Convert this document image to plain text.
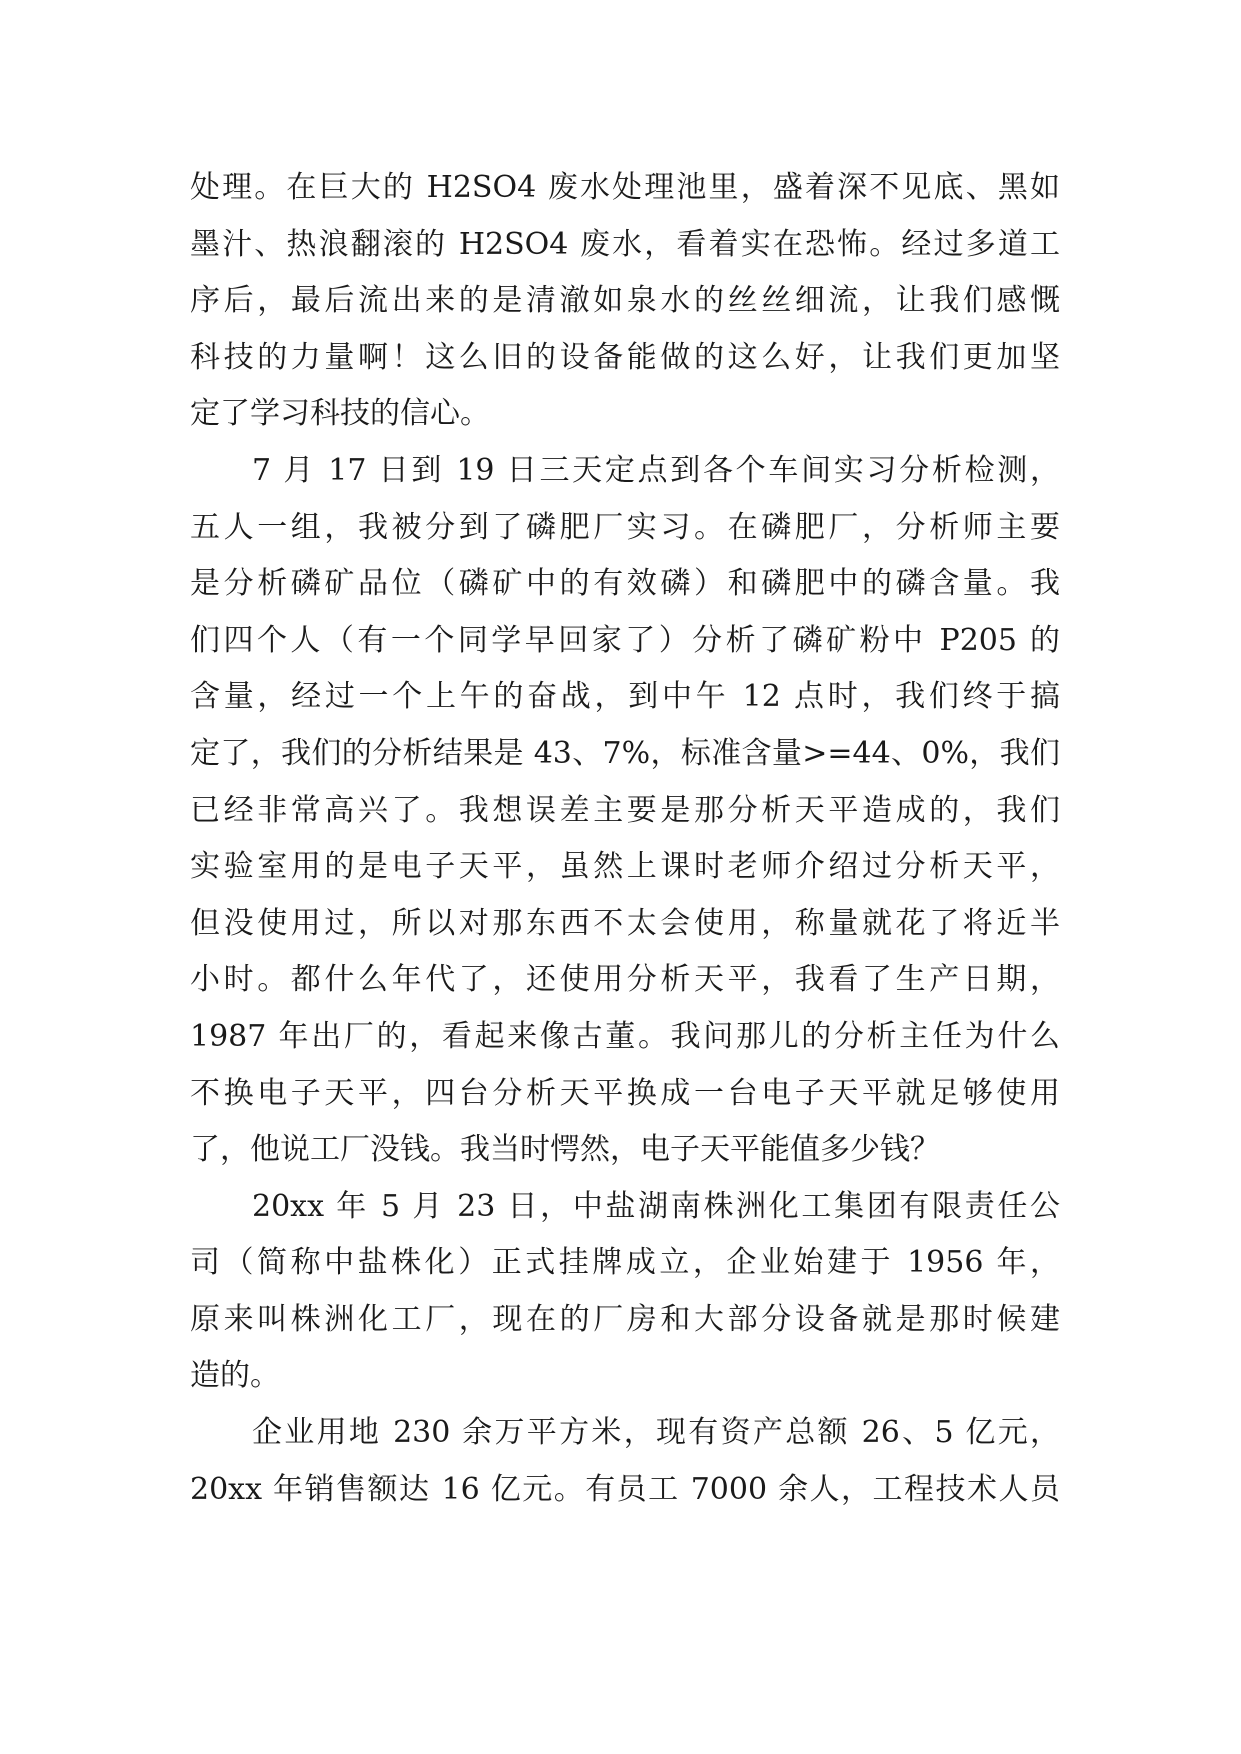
处理。在巨大的 H2SO4 废水处理池里，盛着深不见底、黑如
墨汁、热浪翻滚的 H2SO4 废水，看着实在恐怖。经过多道工
序后，最后流出来的是清澈如泉水的丝丝细流，让我们感慨
科技的力量啊！这么旧的设备能做的这么好，让我们更加坚
定了学习科技的信心。
7 月 17 日到 19 日三天定点到各个车间实习分析检测，
五人一组，我被分到了磷肥厂实习。在磷肥厂，分析师主要
是分析磷矿品位（磷矿中的有效磷）和磷肥中的磷含量。我
们四个人（有一个同学早回家了）分析了磷矿粉中 P205 的
含量，经过一个上午的奋战，到中午 12 点时，我们终于搞
定了，我们的分析结果是 43、7%，标准含量>=44、0%，我们
已经非常高兴了。我想误差主要是那分析天平造成的，我们
实验室用的是电子天平，虽然上课时老师介绍过分析天平，
但没使用过，所以对那东西不太会使用，称量就花了将近半
小时。都什么年代了，还使用分析天平，我看了生产日期，
1987 年出厂的，看起来像古董。我问那儿的分析主任为什么
不换电子天平，四台分析天平换成一台电子天平就足够使用
了，他说工厂没钱。我当时愕然，电子天平能值多少钱？
20xx 年 5 月 23 日，中盐湖南株洲化工集团有限责任公
司（简称中盐株化）正式挂牌成立，企业始建于 1956 年，
原来叫株洲化工厂，现在的厂房和大部分设备就是那时候建
造的。
企业用地 230 余万平方米，现有资产总额 26、5 亿元，
20xx 年销售额达 16 亿元。有员工 7000 余人，工程技术人员
